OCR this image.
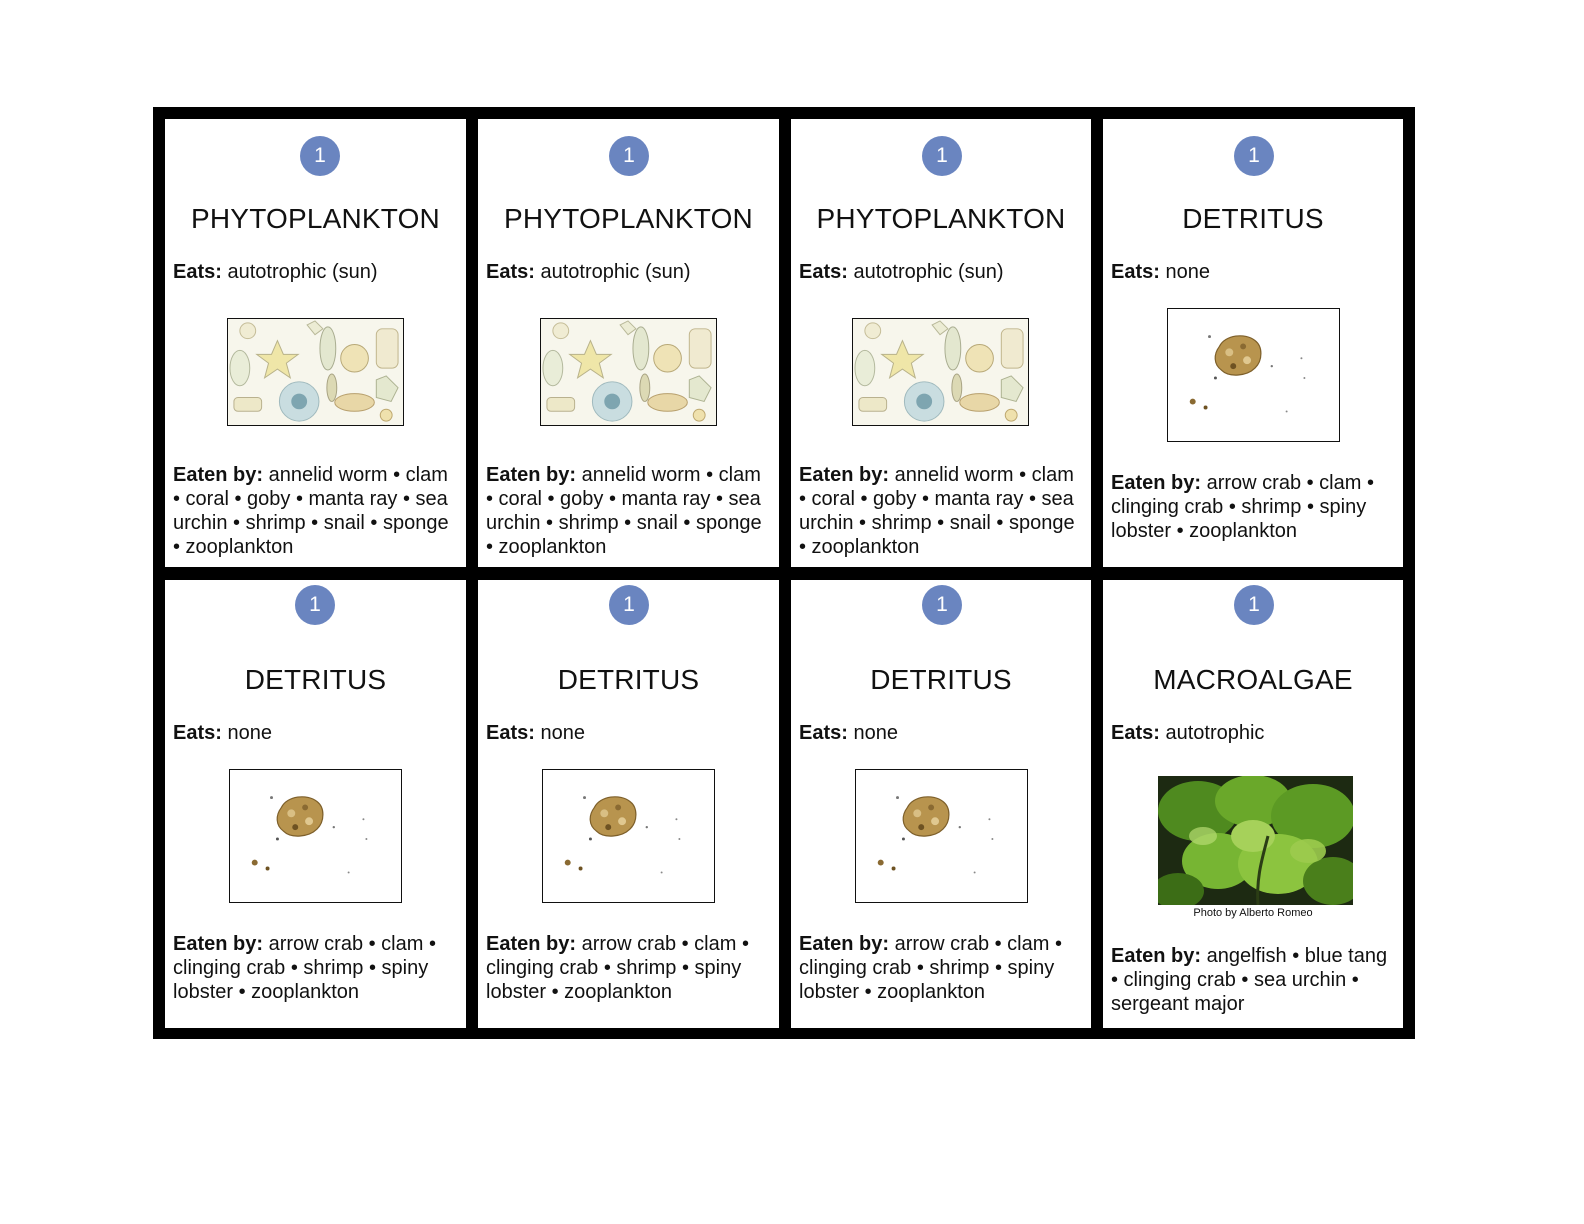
1
PHYTOPLANKTON
Eats: autotrophic (sun)
Eaten by: annelid worm • clam • coral • goby • manta ray • sea urchin • shrimp • snail • sponge • zooplankton
1
PHYTOPLANKTON
Eats: autotrophic (sun)
Eaten by: annelid worm • clam • coral • goby • manta ray • sea urchin • shrimp • snail • sponge • zooplankton
1
PHYTOPLANKTON
Eats: autotrophic (sun)
Eaten by: annelid worm • clam • coral • goby • manta ray • sea urchin • shrimp • snail • sponge • zooplankton
1
DETRITUS
Eats: none
Eaten by: arrow crab • clam • clinging crab • shrimp • spiny lobster • zooplankton
1
DETRITUS
Eats: none
Eaten by: arrow crab • clam • clinging crab • shrimp • spiny lobster • zooplankton
1
DETRITUS
Eats: none
Eaten by: arrow crab • clam • clinging crab • shrimp • spiny lobster • zooplankton
1
DETRITUS
Eats: none
Eaten by: arrow crab • clam • clinging crab • shrimp • spiny lobster • zooplankton
1
MACROALGAE
Eats: autotrophic
Photo by Alberto Romeo
Eaten by: angelfish • blue tang • clinging crab • sea urchin • sergeant major
